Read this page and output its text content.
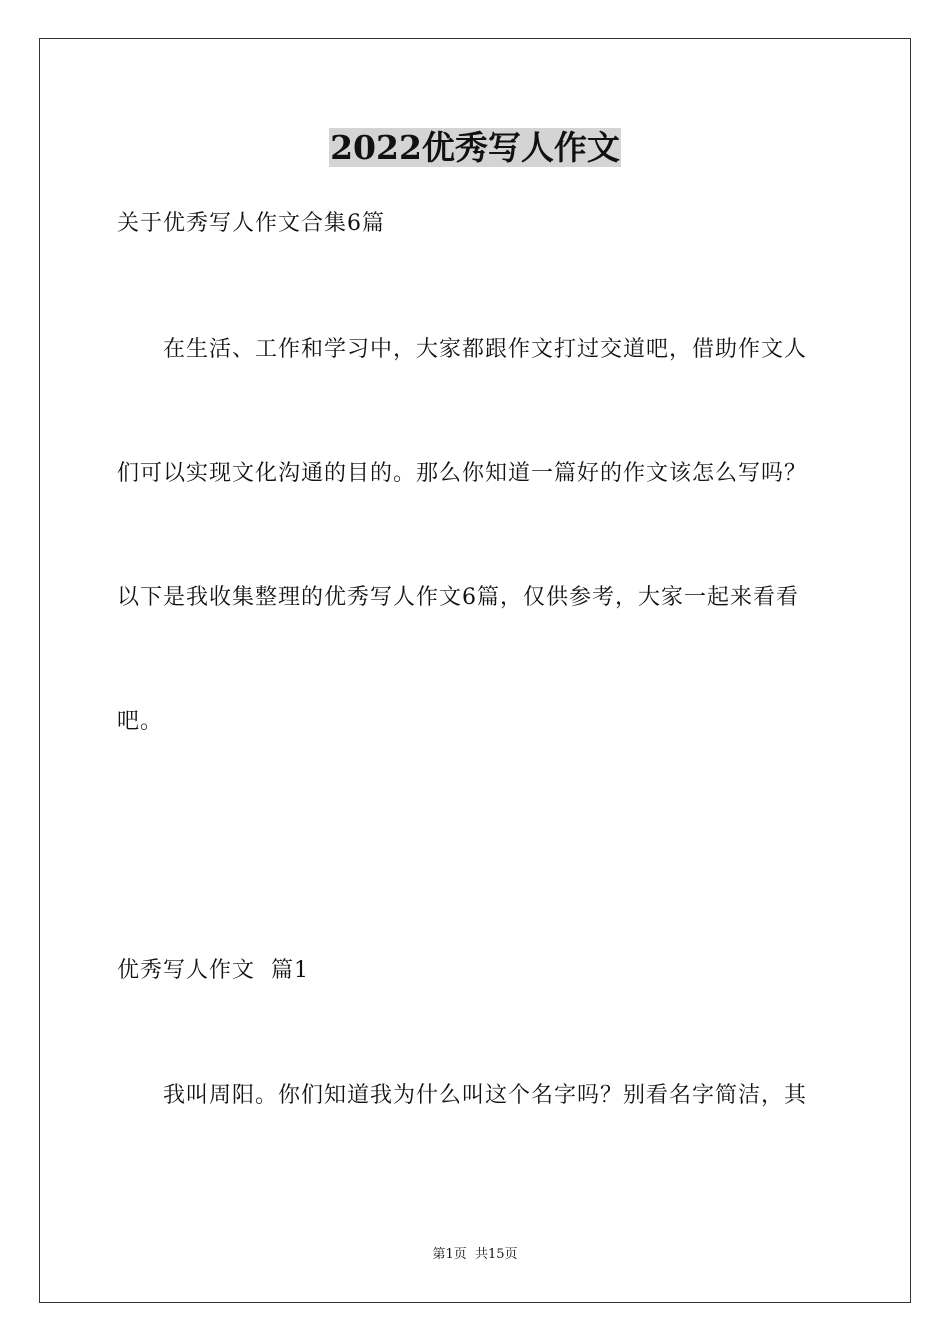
2022优秀写人作文
关于优秀写人作文合集6篇
在生活、工作和学习中，大家都跟作文打过交道吧，借助作文人
们可以实现文化沟通的目的。那么你知道一篇好的作文该怎么写吗？
以下是我收集整理的优秀写人作文6篇，仅供参考，大家一起来看看
吧。
优秀写人作文  篇1
我叫周阳。你们知道我为什么叫这个名字吗？别看名字简洁，其
第1页  共15页
